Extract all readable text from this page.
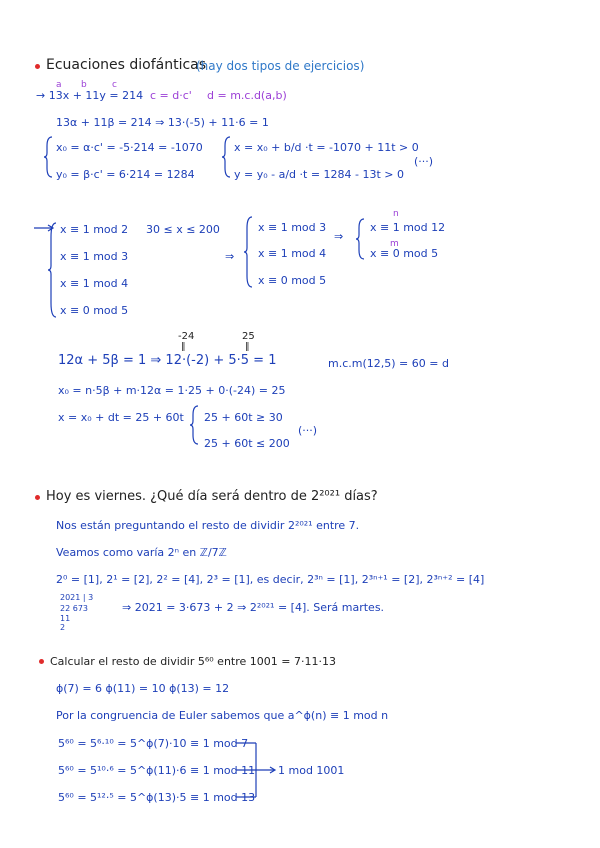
Ecuaciones diofánticas
(hay dos tipos de ejercicios)
a b	c
→ 13x + 11y = 214 c = d·c' d = m.c.d(a,b)
13α + 11β = 214 ⇒ 13·(-5) + 11·6 = 1
x₀ = α·c' = -5·214 = -1070
y₀ = β·c' = 6·214 = 1284
x = x₀ + b/d ·t = -1070 + 11t > 0
y = y₀ - a/d ·t = 1284 - 13t > 0
(···)
x ≡ 1 mod 2
x ≡ 1 mod 3
x ≡ 1 mod 4
x ≡ 0 mod 5
30 ≤ x ≤ 200
⇒
x ≡ 1 mod 3
x ≡ 1 mod 4
x ≡ 0 mod 5
⇒
n
x ≡ 1 mod 12
m
x ≡ 0 mod 5
-24
‖
25
‖
12α + 5β = 1 ⇒ 12·(-2) + 5·5 = 1	m.c.m(12,5) = 60 = d
x₀ = n·5β + m·12α = 1·25 + 0·(-24) = 25
x = x₀ + dt = 25 + 60t 25 + 60t ≥ 30
25 + 60t ≤ 200
(···)
Hoy es viernes. ¿Qué día será dentro de 2²⁰²¹ días?
Nos están preguntando el resto de dividir 2²⁰²¹ entre 7.
Veamos como varía 2ⁿ en ℤ/7ℤ
2⁰ = [1], 2¹ = [2], 2² = [4], 2³ = [1], es decir, 2³ⁿ = [1], 2³ⁿ⁺¹ = [2], 2³ⁿ⁺² = [4]
2021 | 3
22 673
11
2
⇒ 2021 = 3·673 + 2 ⇒ 2²⁰²¹ = [4]. Será martes.
Calcular el resto de dividir 5⁶⁰ entre 1001 = 7·11·13
ϕ(7) = 6 ϕ(11) = 10 ϕ(13) = 12
Por la congruencia de Euler sabemos que a^ϕ(n) ≡ 1 mod n
5⁶⁰ = 5⁶·¹⁰ = 5^ϕ(7)·10 ≡ 1 mod 7
5⁶⁰ = 5¹⁰·⁶ = 5^ϕ(11)·6 ≡ 1 mod 11
5⁶⁰ = 5¹²·⁵ = 5^ϕ(13)·5 ≡ 1 mod 13
1 mod 1001
